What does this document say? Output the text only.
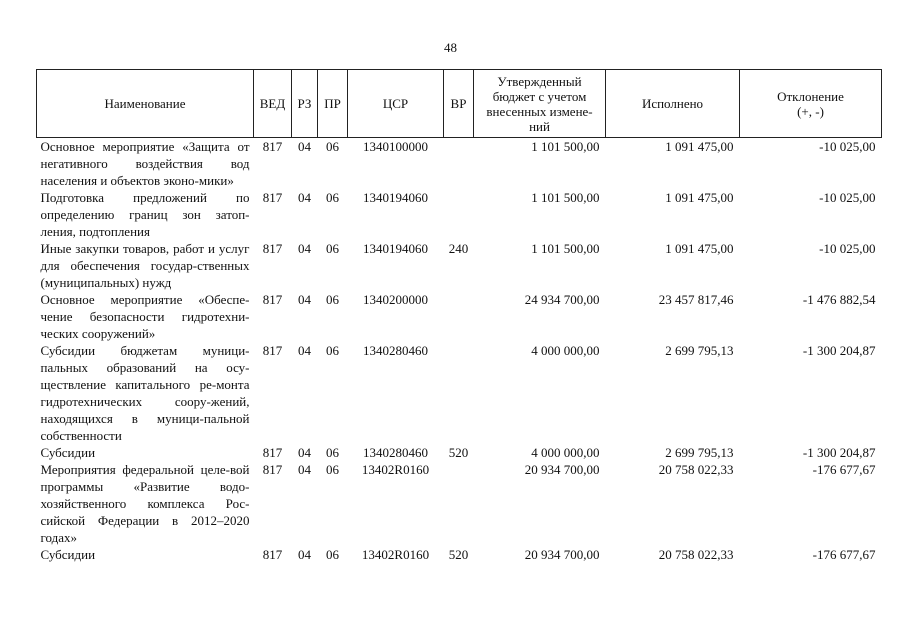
48
Наименование	ВЕД	РЗ	ПР	ЦСР	ВР	Утвержденный бюджет с учетом внесенных измене-ний	Исполнено	Отклонение
(+, -)
Основное мероприятие «Защита от негативного воздействия вод населения и объектов эконо-мики»	817	04	06	1340100000		1 101 500,00	1 091 475,00	-10 025,00
Подготовка предложений по определению границ зон затоп-ления, подтопления	817	04	06	1340194060		1 101 500,00	1 091 475,00	-10 025,00
Иные закупки товаров, работ и услуг для обеспечения государ-ственных (муниципальных) нужд	817	04	06	1340194060	240	1 101 500,00	1 091 475,00	-10 025,00
Основное мероприятие «Обеспе-чение безопасности гидротехни-ческих сооружений»	817	04	06	1340200000		24 934 700,00	23 457 817,46	-1 476 882,54
Субсидии бюджетам муници-пальных образований на осу-ществление капитального ре-монта гидротехнических соору-жений, находящихся в муници-пальной собственности	817	04	06	1340280460		4 000 000,00	2 699 795,13	-1 300 204,87
Субсидии	817	04	06	1340280460	520	4 000 000,00	2 699 795,13	-1 300 204,87
Мероприятия федеральной целе-вой программы «Развитие водо-хозяйственного комплекса Рос-сийской Федерации в 2012–2020 годах»	817	04	06	13402R0160		20 934 700,00	20 758 022,33	-176 677,67
Субсидии	817	04	06	13402R0160	520	20 934 700,00	20 758 022,33	-176 677,67
